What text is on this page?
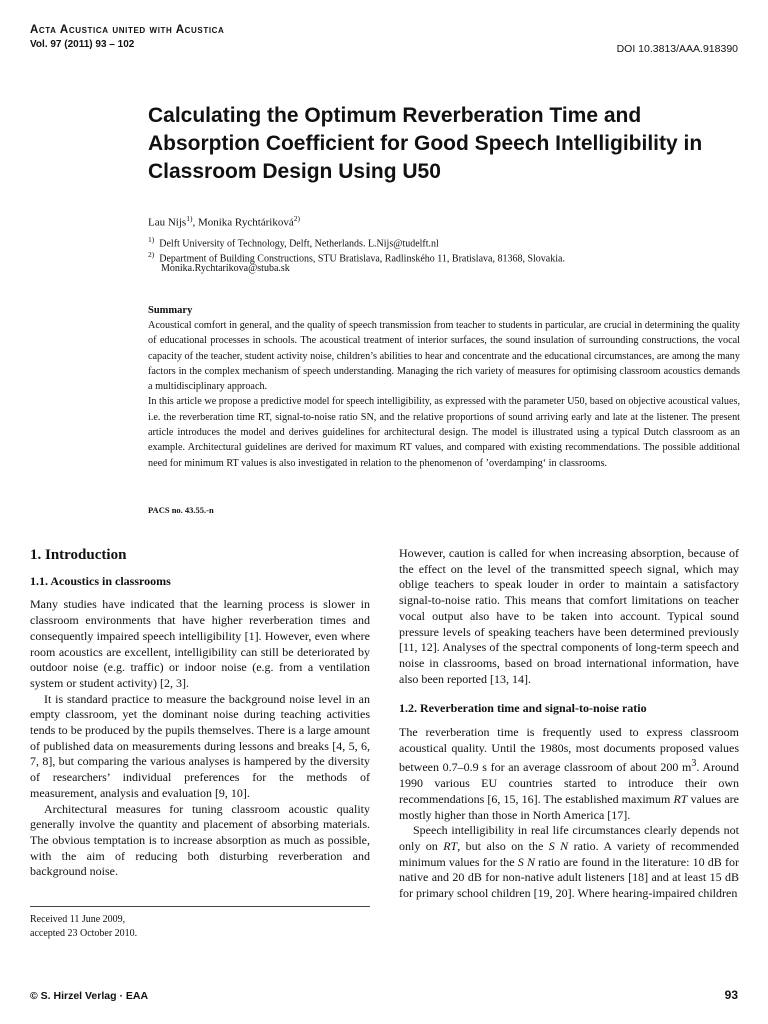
Acta Acustica united with Acustica
Vol. 97 (2011) 93 – 102	DOI 10.3813/AAA.918390
Calculating the Optimum Reverberation Time and Absorption Coefficient for Good Speech Intelligibility in Classroom Design Using U50
Lau Nijs$^{1)}$, Monika Rychtáriková$^{2)}$
$^{1)}$ Delft University of Technology, Delft, Netherlands. L.Nijs@tudelft.nl
$^{2)}$ Department of Building Constructions, STU Bratislava, Radlinského 11, Bratislava, 81368, Slovakia.
Monika.Rychtarikova@stuba.sk
Summary

Acoustical comfort in general, and the quality of speech transmission from teacher to students in particular, are crucial in determining the quality of educational processes in schools. The acoustical treatment of interior surfaces, the sound insulation of surrounding constructions, the vocal capacity of the teacher, student activity noise, children’s abilities to hear and concentrate and the educational circumstances, are among the many factors in the complex mechanism of speech understanding. Managing the rich variety of measures for optimising classroom acoustics demands a multidisciplinary approach.

In this article we propose a predictive model for speech intelligibility, as expressed with the parameter U50, based on objective acoustical values, i.e. the reverberation time RT, signal-to-noise ratio SN, and the relative proportions of sound arriving early and late at the listener. The present article introduces the model and derives guidelines for architectural design. The model is illustrated using a typical Dutch classroom as an example. Architectural guidelines are derived for maximum RT values, and compared with existing recommendations. The possible additional need for minimum RT values is also investigated in relation to the phenomenon of ’overdamping‘ in classrooms.

PACS no. 43.55.-n
1. Introduction
1.1. Acoustics in classrooms

Many studies have indicated that the learning process is slower in classroom environments that have higher reverberation times and consequently impaired speech intelligibility [1]. However, even where room acoustics are excellent, intelligibility can still be deteriorated by outdoor noise (e.g. traffic) or indoor noise (e.g. from a ventilation system or student activity) [2, 3].

It is standard practice to measure the background noise level in an empty classroom, yet the dominant noise during teaching activities tends to be produced by the pupils themselves. There is a large amount of published data on measurements during lessons and breaks [4, 5, 6, 7, 8], but comparing the various analyses is hampered by the diversity of researchers’ individual preferences for the methods of measurement, analysis and evaluation [9, 10].

Architectural measures for tuning classroom acoustic quality generally involve the quantity and placement of absorbing materials. The obvious temptation is to increase absorption as much as possible, with the aim of reducing both disturbing reverberation and background noise.

However, caution is called for when increasing absorption, because of the effect on the level of the transmitted speech signal, which may oblige teachers to speak louder in order to maintain a satisfactory signal-to-noise ratio. This means that comfort limitations on teacher vocal output also have to be taken into account. Typical sound pressure levels of speaking teachers have been determined previously [11, 12]. Analyses of the spectral components of long-term speech and noise in classrooms, based on broad international information, have also been reported [13, 14].

1.2. Reverberation time and signal-to-noise ratio

The reverberation time is frequently used to express classroom acoustical quality. Until the 1980s, most documents proposed values between 0.7–0.9 s for an average classroom of about 200 $m^3$. Around 1990 various EU countries started to introduce their own recommendations [6, 15, 16]. The established maximum RT values are mostly higher than those in North America [17].

Speech intelligibility in real life circumstances clearly depends not only on RT, but also on the S N ratio. A variety of recommended minimum values for the S N ratio are found in the literature: 10 dB for native and 20 dB for non-native adult listeners [18] and at least 15 dB for primary school children [19, 20]. Where hearing-impaired children

Received 11 June 2009,
accepted 23 October 2010.
© S. Hirzel Verlag · EAA	93
